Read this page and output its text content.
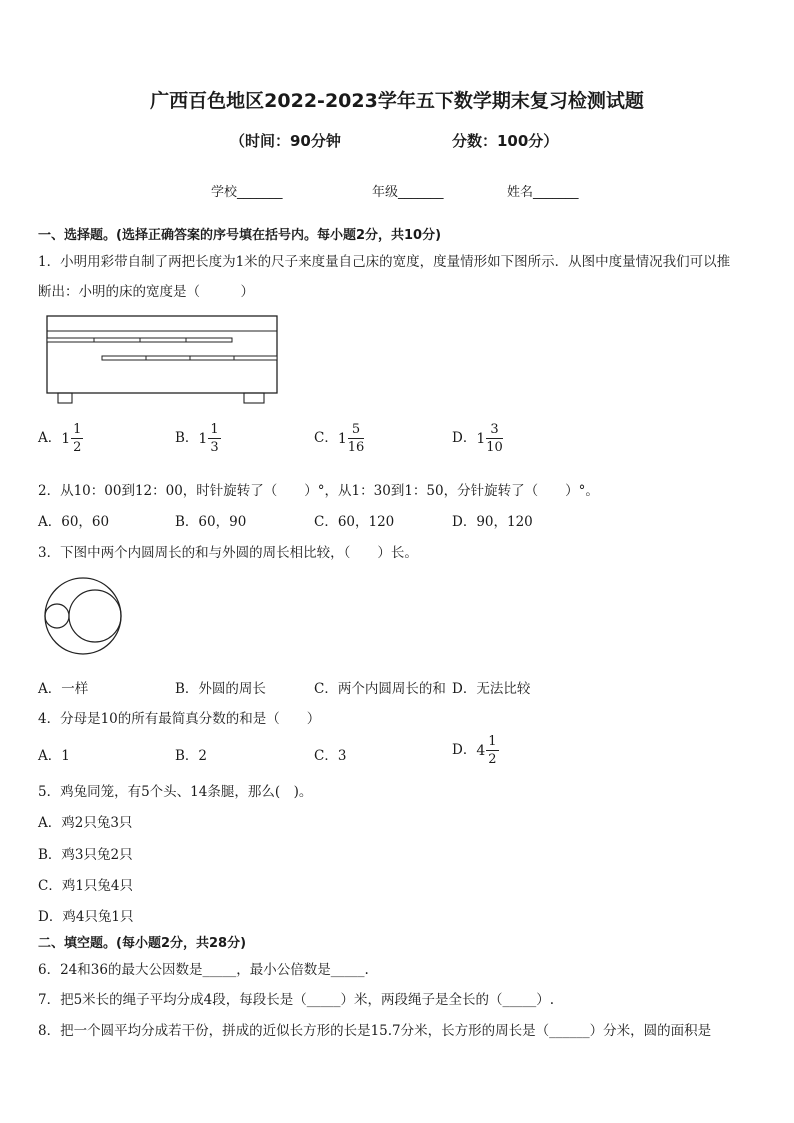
广西百色地区2022-2023学年五下数学期末复习检测试题
（时间：90分钟	分数：100分）
学校_______	年级_______	姓名_______
一、选择题。(选择正确答案的序号填在括号内。每小题2分，共10分)
1．小明用彩带自制了两把长度为1米的尺子来度量自己床的宽度，度量情形如下图所示．从图中度量情况我们可以推
断出：小明的床的宽度是（　　　）
A．$1 \frac{1}{2}$	B．$1 \frac{1}{3}$	C．$1 \frac{5}{16}$	D．$1 \frac{3}{10}$
2．从10：00到12：00，时针旋转了（　　）°，从1：30到1：50，分针旋转了（　　）°。
A．60，60	B．60，90	C．60，120	D．90，120
3．下图中两个内圆周长的和与外圆的周长相比较，（　　）长。
A．一样	B．外圆的周长	C．两个内圆周长的和 D．无法比较
4．分母是10的所有最简真分数的和是（　　）
A．1	B．2	C．3	D．$4 \frac{1}{2}$
5．鸡兔同笼，有5个头、14条腿，那么(　)。
A．鸡2只兔3只
B．鸡3只兔2只
C．鸡1只兔4只
D．鸡4只兔1只
二、填空题。(每小题2分，共28分)
6．24和36的最大公因数是_____，最小公倍数是_____.
7．把5米长的绳子平均分成4段，每段长是（_____）米，两段绳子是全长的（_____）.
8．把一个圆平均分成若干份，拼成的近似长方形的长是15.7分米，长方形的周长是（______）分米，圆的面积是
